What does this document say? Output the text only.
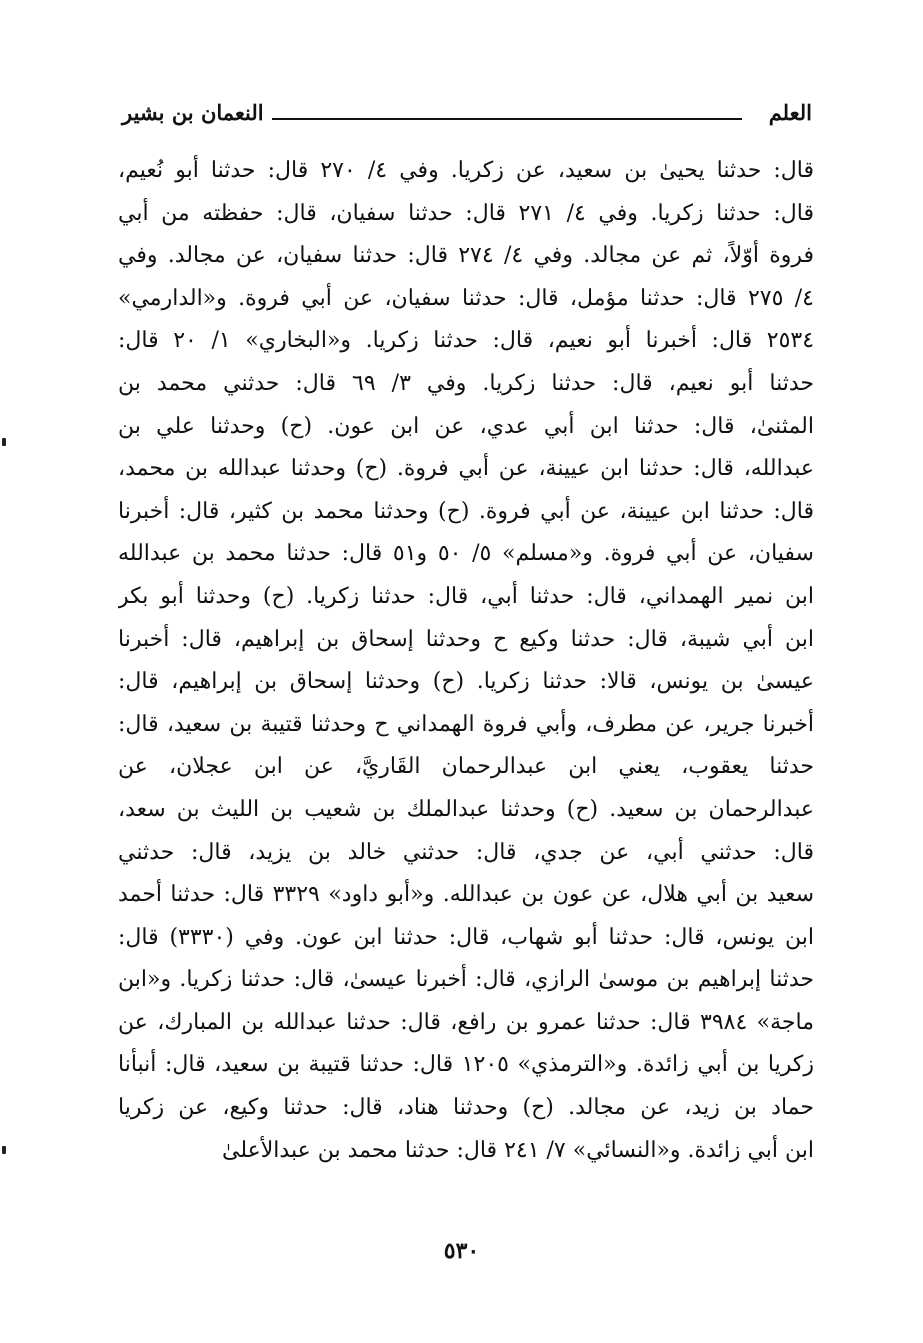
العلم
النعمان بن بشير
قال: حدثنا يحيىٰ بن سعيد، عن زكريا. وفي ٤/ ٢٧٠ قال: حدثنا أبو نُعيم،
قال: حدثنا زكريا. وفي ٤/ ٢٧١ قال: حدثنا سفيان، قال: حفظته من أبي
فروة أوّلاً، ثم عن مجالد. وفي ٤/ ٢٧٤ قال: حدثنا سفيان، عن مجالد. وفي
٤/ ٢٧٥ قال: حدثنا مؤمل، قال: حدثنا سفيان، عن أبي فروة. و«الدارمي»
٢٥٣٤ قال: أخبرنا أبو نعيم، قال: حدثنا زكريا. و«البخاري» ١/ ٢٠ قال:
حدثنا أبو نعيم، قال: حدثنا زكريا. وفي ٣/ ٦٩ قال: حدثني محمد بن
المثنىٰ، قال: حدثنا ابن أبي عدي، عن ابن عون. (ح) وحدثنا علي بن
عبدالله، قال: حدثنا ابن عيينة، عن أبي فروة. (ح) وحدثنا عبدالله بن محمد،
قال: حدثنا ابن عيينة، عن أبي فروة. (ح) وحدثنا محمد بن كثير، قال: أخبرنا
سفيان، عن أبي فروة. و«مسلم» ٥/ ٥٠ و٥١ قال: حدثنا محمد بن عبدالله
ابن نمير الهمداني، قال: حدثنا أبي، قال: حدثنا زكريا. (ح) وحدثنا أبو بكر
ابن أبي شيبة، قال: حدثنا وكيع ح وحدثنا إسحاق بن إبراهيم، قال: أخبرنا
عيسىٰ بن يونس، قالا: حدثنا زكريا. (ح) وحدثنا إسحاق بن إبراهيم، قال:
أخبرنا جرير، عن مطرف، وأبي فروة الهمداني ح وحدثنا قتيبة بن سعيد، قال:
حدثنا يعقوب، يعني ابن عبدالرحمان القَاريَّ، عن ابن عجلان، عن
عبدالرحمان بن سعيد. (ح) وحدثنا عبدالملك بن شعيب بن الليث بن سعد،
قال: حدثني أبي، عن جدي، قال: حدثني خالد بن يزيد، قال: حدثني
سعيد بن أبي هلال، عن عون بن عبدالله. و«أبو داود» ٣٣٢٩ قال: حدثنا أحمد
ابن يونس، قال: حدثنا أبو شهاب، قال: حدثنا ابن عون. وفي (٣٣٣٠) قال:
حدثنا إبراهيم بن موسىٰ الرازي، قال: أخبرنا عيسىٰ، قال: حدثنا زكريا. و«ابن
ماجة» ٣٩٨٤ قال: حدثنا عمرو بن رافع، قال: حدثنا عبدالله بن المبارك، عن
زكريا بن أبي زائدة. و«الترمذي» ١٢٠٥ قال: حدثنا قتيبة بن سعيد، قال: أنبأنا
حماد بن زيد، عن مجالد. (ح) وحدثنا هناد، قال: حدثنا وكيع، عن زكريا
ابن أبي زائدة. و«النسائي» ٧/ ٢٤١ قال: حدثنا محمد بن عبدالأعلىٰ
٥٣٠
